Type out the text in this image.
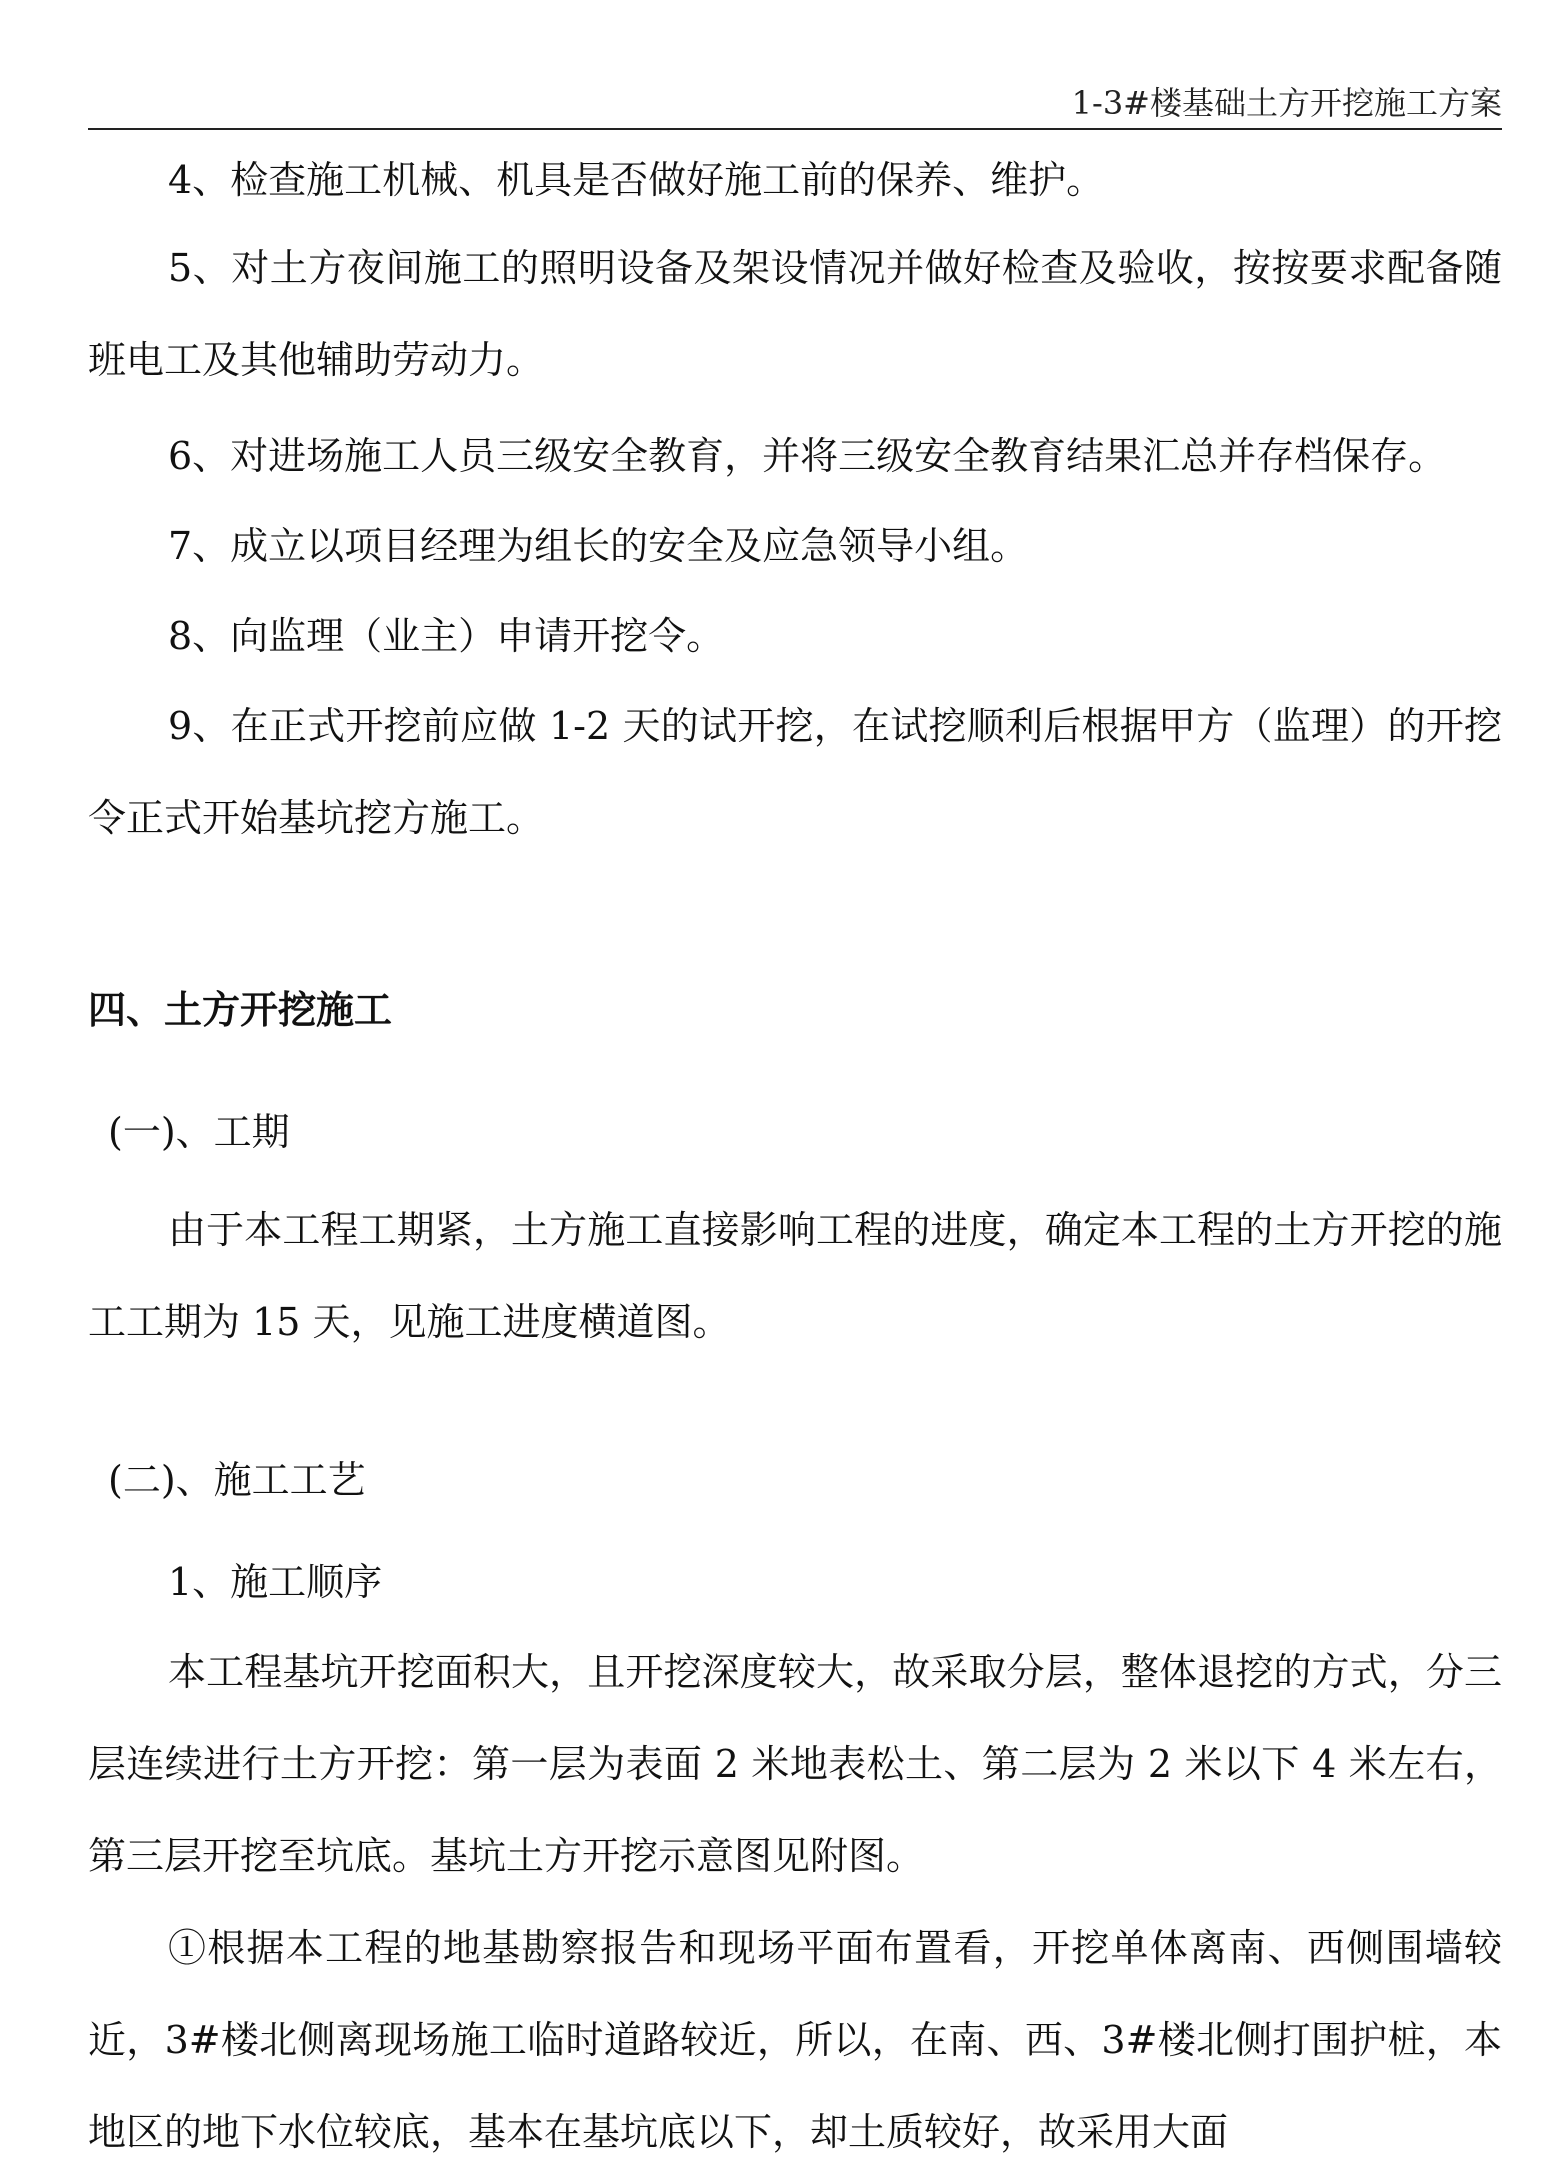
1-3#楼基础土方开挖施工方案
4、检查施工机械、机具是否做好施工前的保养、维护。
5、对土方夜间施工的照明设备及架设情况并做好检查及验收，按按要求配备随班电工及其他辅助劳动力。
6、对进场施工人员三级安全教育，并将三级安全教育结果汇总并存档保存。
7、成立以项目经理为组长的安全及应急领导小组。
8、向监理（业主）申请开挖令。
9、在正式开挖前应做 1-2 天的试开挖，在试挖顺利后根据甲方（监理）的开挖令正式开始基坑挖方施工。
四、土方开挖施工
(一)、工期
由于本工程工期紧，土方施工直接影响工程的进度，确定本工程的土方开挖的施工工期为 15 天，见施工进度横道图。
(二)、施工工艺
1、施工顺序
本工程基坑开挖面积大，且开挖深度较大，故采取分层，整体退挖的方式，分三层连续进行土方开挖：第一层为表面 2 米地表松土、第二层为 2 米以下 4 米左右，第三层开挖至坑底。基坑土方开挖示意图见附图。
①根据本工程的地基勘察报告和现场平面布置看，开挖单体离南、西侧围墙较近，3#楼北侧离现场施工临时道路较近，所以，在南、西、3#楼北侧打围护桩，本地区的地下水位较底，基本在基坑底以下，却土质较好，故采用大面
